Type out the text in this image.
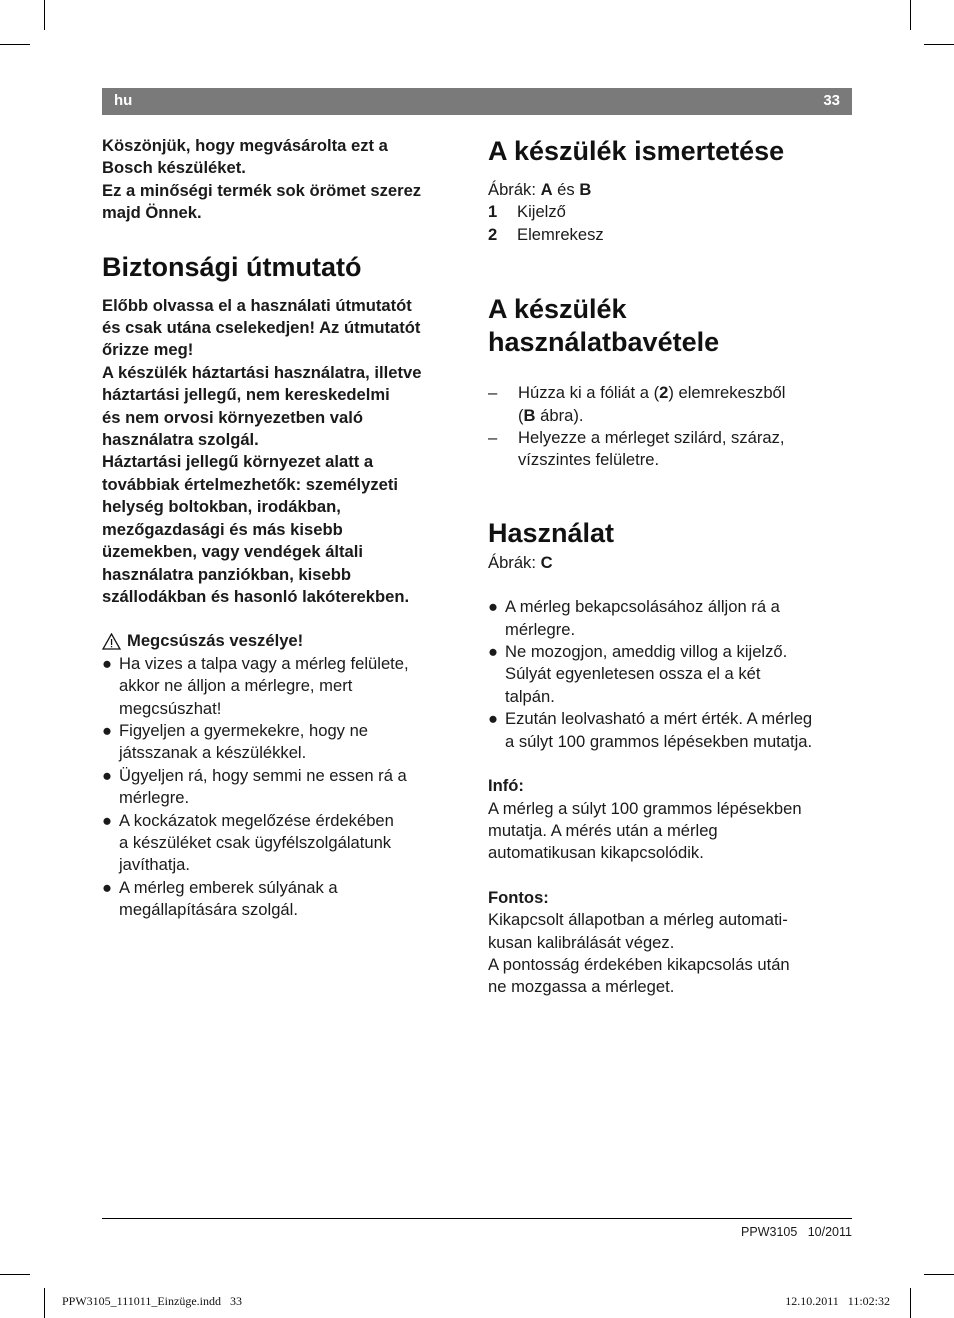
hu	33

Köszönjük, hogy megvásárolta ezt a

Bosch készüléket.

Ez a minőségi termék sok örömet szerez

majd Önnek.

Biztonsági útmutató

Előbb olvassa el a használati útmutatót

és csak utána cselekedjen! Az útmutatót

őrizze meg!

A készülék háztartási használatra, illetve

háztartási jellegű, nem kereskedelmi

és nem orvosi környezetben való

használatra szolgál.

Háztartási jellegű környezet alatt a

továbbiak értelmezhetők: személyzeti

helység boltokban, irodákban,

mezőgazdasági és más kisebb

üzemekben, vagy vendégek általi

használatra panziókban, kisebb

szállodákban és hasonló lakóterekben.

Megcsúszás veszélye!
● Ha vizes a talpa vagy a mérleg felülete,

akkor ne álljon a mérlegre, mert

megcsúszhat!

● Figyeljen a gyermekekre, hogy ne

játsszanak a készülékkel.

● Ügyeljen rá, hogy semmi ne essen rá a

mérlegre.

● A kockázatok megelőzése érdekében

a készüléket csak ügyfélszolgálatunk

javíthatja.

● A mérleg emberek súlyának a

megállapítására szolgál.

A készülék ismertetése

Ábrák: A és B

1	Kijelző
2	Elemrekesz
A készülék
használatbavétele
– Húzza ki a fóliát a (2) elemrekeszből

(B ábra).

– Helyezze a mérleget szilárd, száraz,

vízszintes felületre.

Használat

Ábrák: C

● A mérleg bekapcsolásához álljon rá a

mérlegre.

● Ne mozogjon, ameddig villog a kijelző.

Súlyát egyenletesen ossza el a két

talpán.

● Ezután leolvasható a mért érték. A mérleg

a súlyt 100 grammos lépésekben mutatja.

Infó:

A mérleg a súlyt 100 grammos lépésekben

mutatja. A mérés után a mérleg

automatikusan kikapcsolódik.

Fontos:

Kikapcsolt állapotban a mérleg automati-

kusan kalibrálását végez.

A pontosság érdekében kikapcsolás után

ne mozgassa a mérleget.

PPW3105   10/2011
PPW3105_111011_Einzüge.indd   33	12.10.2011   11:02:32
